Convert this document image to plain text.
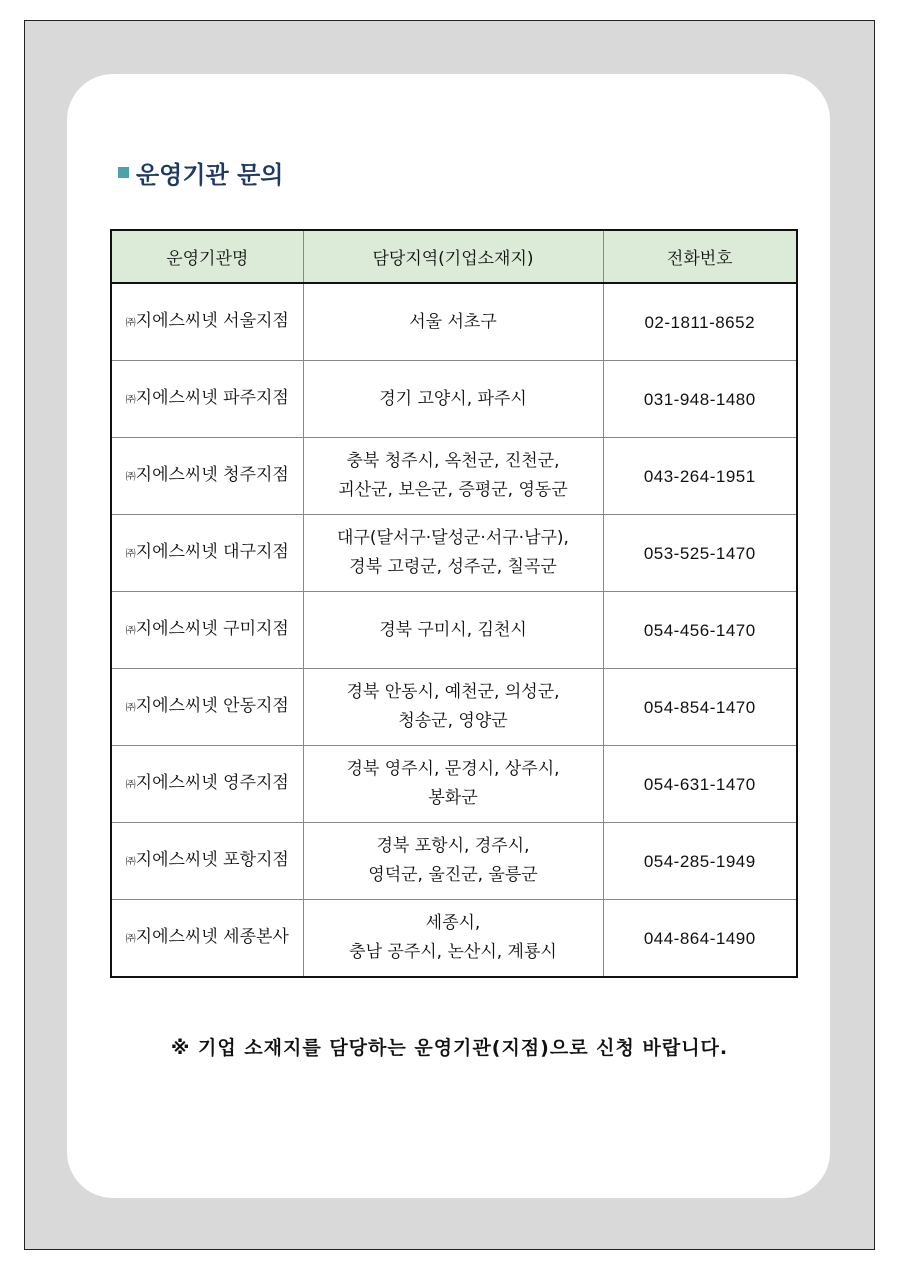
운영기관 문의
운영기관명	담당지역(기업소재지)	전화번호
㈜지에스씨넷 서울지점	서울 서초구	02-1811-8652
㈜지에스씨넷 파주지점	경기 고양시, 파주시	031-948-1480
㈜지에스씨넷 청주지점	충북 청주시, 옥천군, 진천군,
괴산군, 보은군, 증평군, 영동군	043-264-1951
㈜지에스씨넷 대구지점	대구(달서구·달성군·서구·남구),
경북 고령군, 성주군, 칠곡군	053-525-1470
㈜지에스씨넷 구미지점	경북 구미시, 김천시	054-456-1470
㈜지에스씨넷 안동지점	경북 안동시, 예천군, 의성군,
청송군, 영양군	054-854-1470
㈜지에스씨넷 영주지점	경북 영주시, 문경시, 상주시,
봉화군	054-631-1470
㈜지에스씨넷 포항지점	경북 포항시, 경주시,
영덕군, 울진군, 울릉군	054-285-1949
㈜지에스씨넷 세종본사	세종시,
충남 공주시, 논산시, 계룡시	044-864-1490
※ 기업 소재지를 담당하는 운영기관(지점)으로 신청 바랍니다.
